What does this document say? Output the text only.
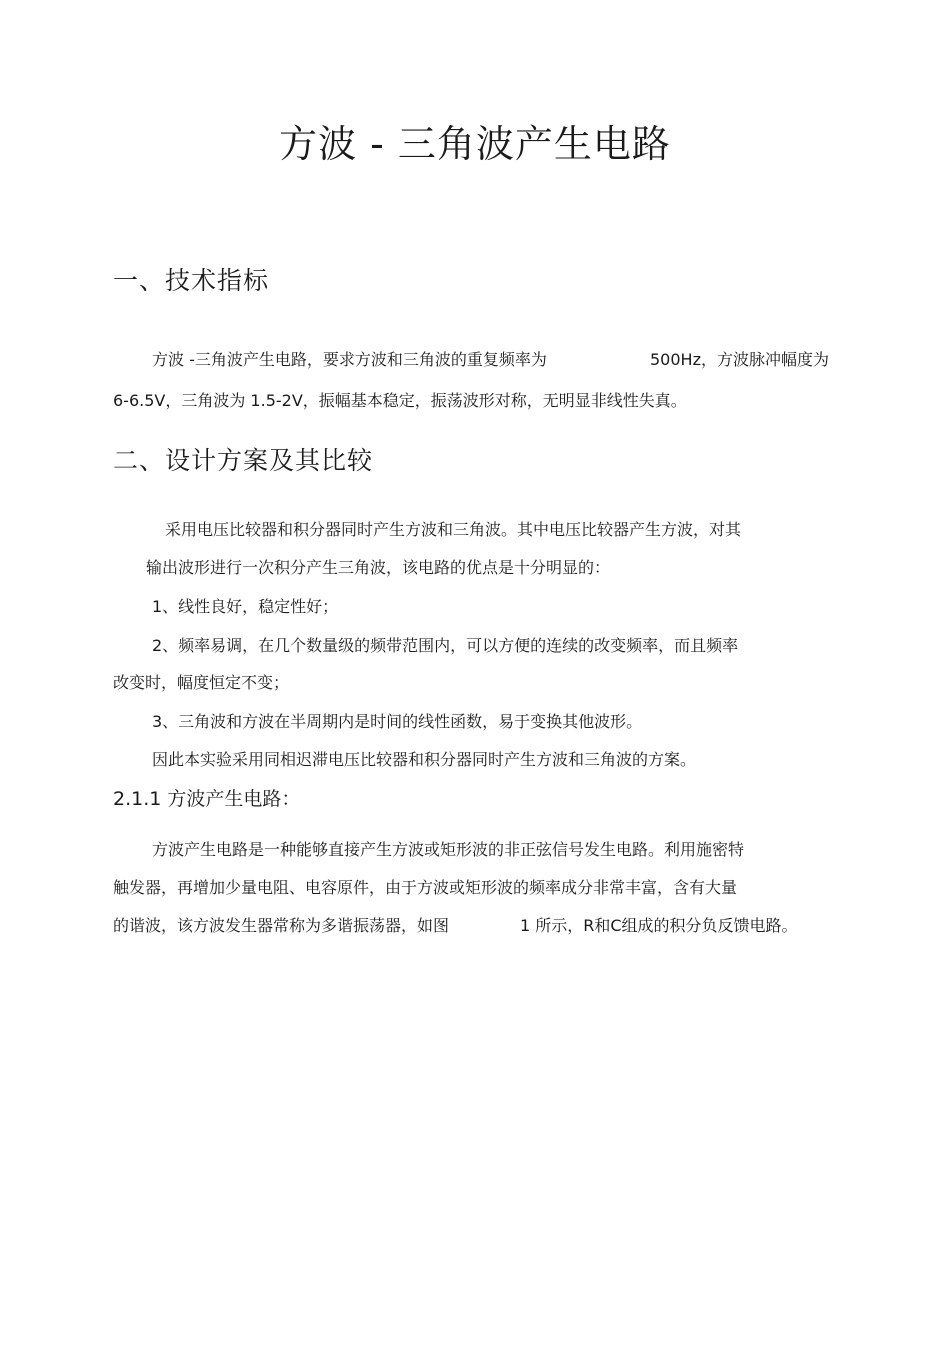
方波 - 三角波产生电路
一、技术指标
方波 -三角波产生电路，要求方波和三角波的重复频率为	500Hz，方波脉冲幅度为
6-6.5V，三角波为 1.5-2V，振幅基本稳定，振荡波形对称，无明显非线性失真。
二、设计方案及其比较
采用电压比较器和积分器同时产生方波和三角波。其中电压比较器产生方波，对其
输出波形进行一次积分产生三角波，该电路的优点是十分明显的：
1、线性良好，稳定性好；
2、频率易调，在几个数量级的频带范围内，可以方便的连续的改变频率，而且频率
改变时，幅度恒定不变；
3、三角波和方波在半周期内是时间的线性函数，易于变换其他波形。
因此本实验采用同相迟滞电压比较器和积分器同时产生方波和三角波的方案。
2.1.1 方波产生电路：
方波产生电路是一种能够直接产生方波或矩形波的非正弦信号发生电路。利用施密特
触发器，再增加少量电阻、电容原件，由于方波或矩形波的频率成分非常丰富，含有大量
的谐波，该方波发生器常称为多谐振荡器，如图	1 所示，R和C组成的积分负反馈电路。
